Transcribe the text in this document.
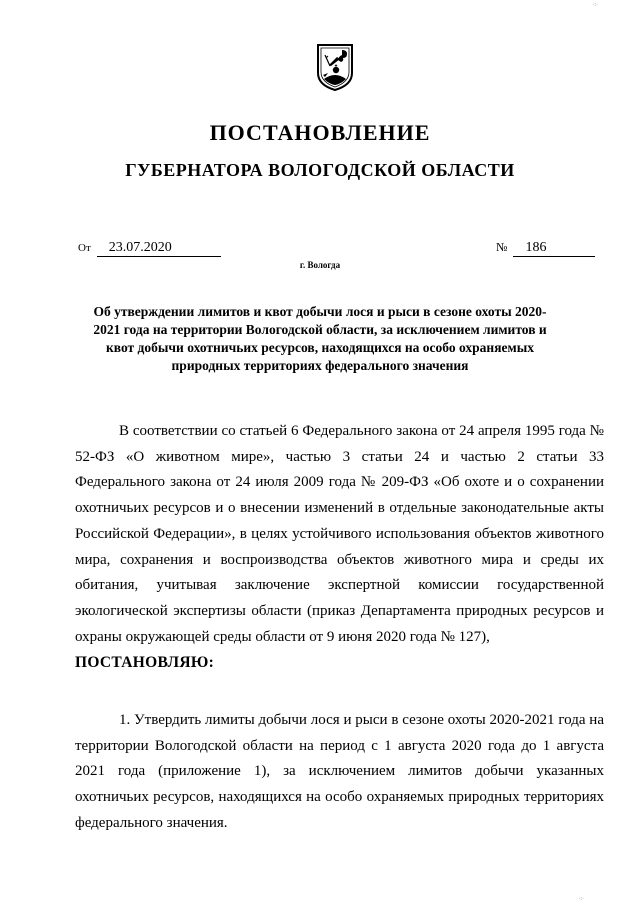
ПОСТАНОВЛЕНИЕ
ГУБЕРНАТОРА ВОЛОГОДСКОЙ ОБЛАСТИ
От 23.07.2020	№ 186
г. Вологда
Об утверждении лимитов и квот добычи лося и рыси в сезоне охоты 2020-2021 года на территории Вологодской области, за исключением лимитов и квот добычи охотничьих ресурсов, находящихся на особо охраняемых природных территориях федерального значения

В соответствии со статьей 6 Федерального закона от 24 апреля 1995 года № 52-ФЗ «О животном мире», частью 3 статьи 24 и частью 2 статьи 33 Федерального закона от 24 июля 2009 года № 209-ФЗ «Об охоте и о сохранении охотничьих ресурсов и о внесении изменений в отдельные законодательные акты Российской Федерации», в целях устойчивого использования объектов животного мира, сохранения и воспроизводства объектов животного мира и среды их обитания, учитывая заключение экспертной комиссии государственной экологической экспертизы области (приказ Департамента природных ресурсов и охраны окружающей среды области от 9 июня 2020 года № 127),

ПОСТАНОВЛЯЮ:

1. Утвердить лимиты добычи лося и рыси в сезоне охоты 2020-2021 года на территории Вологодской области на период с 1 августа 2020 года до 1 августа 2021 года (приложение 1), за исключением лимитов добычи указанных охотничьих ресурсов, находящихся на особо охраняемых природных территориях федерального значения.

·:·
·:·
